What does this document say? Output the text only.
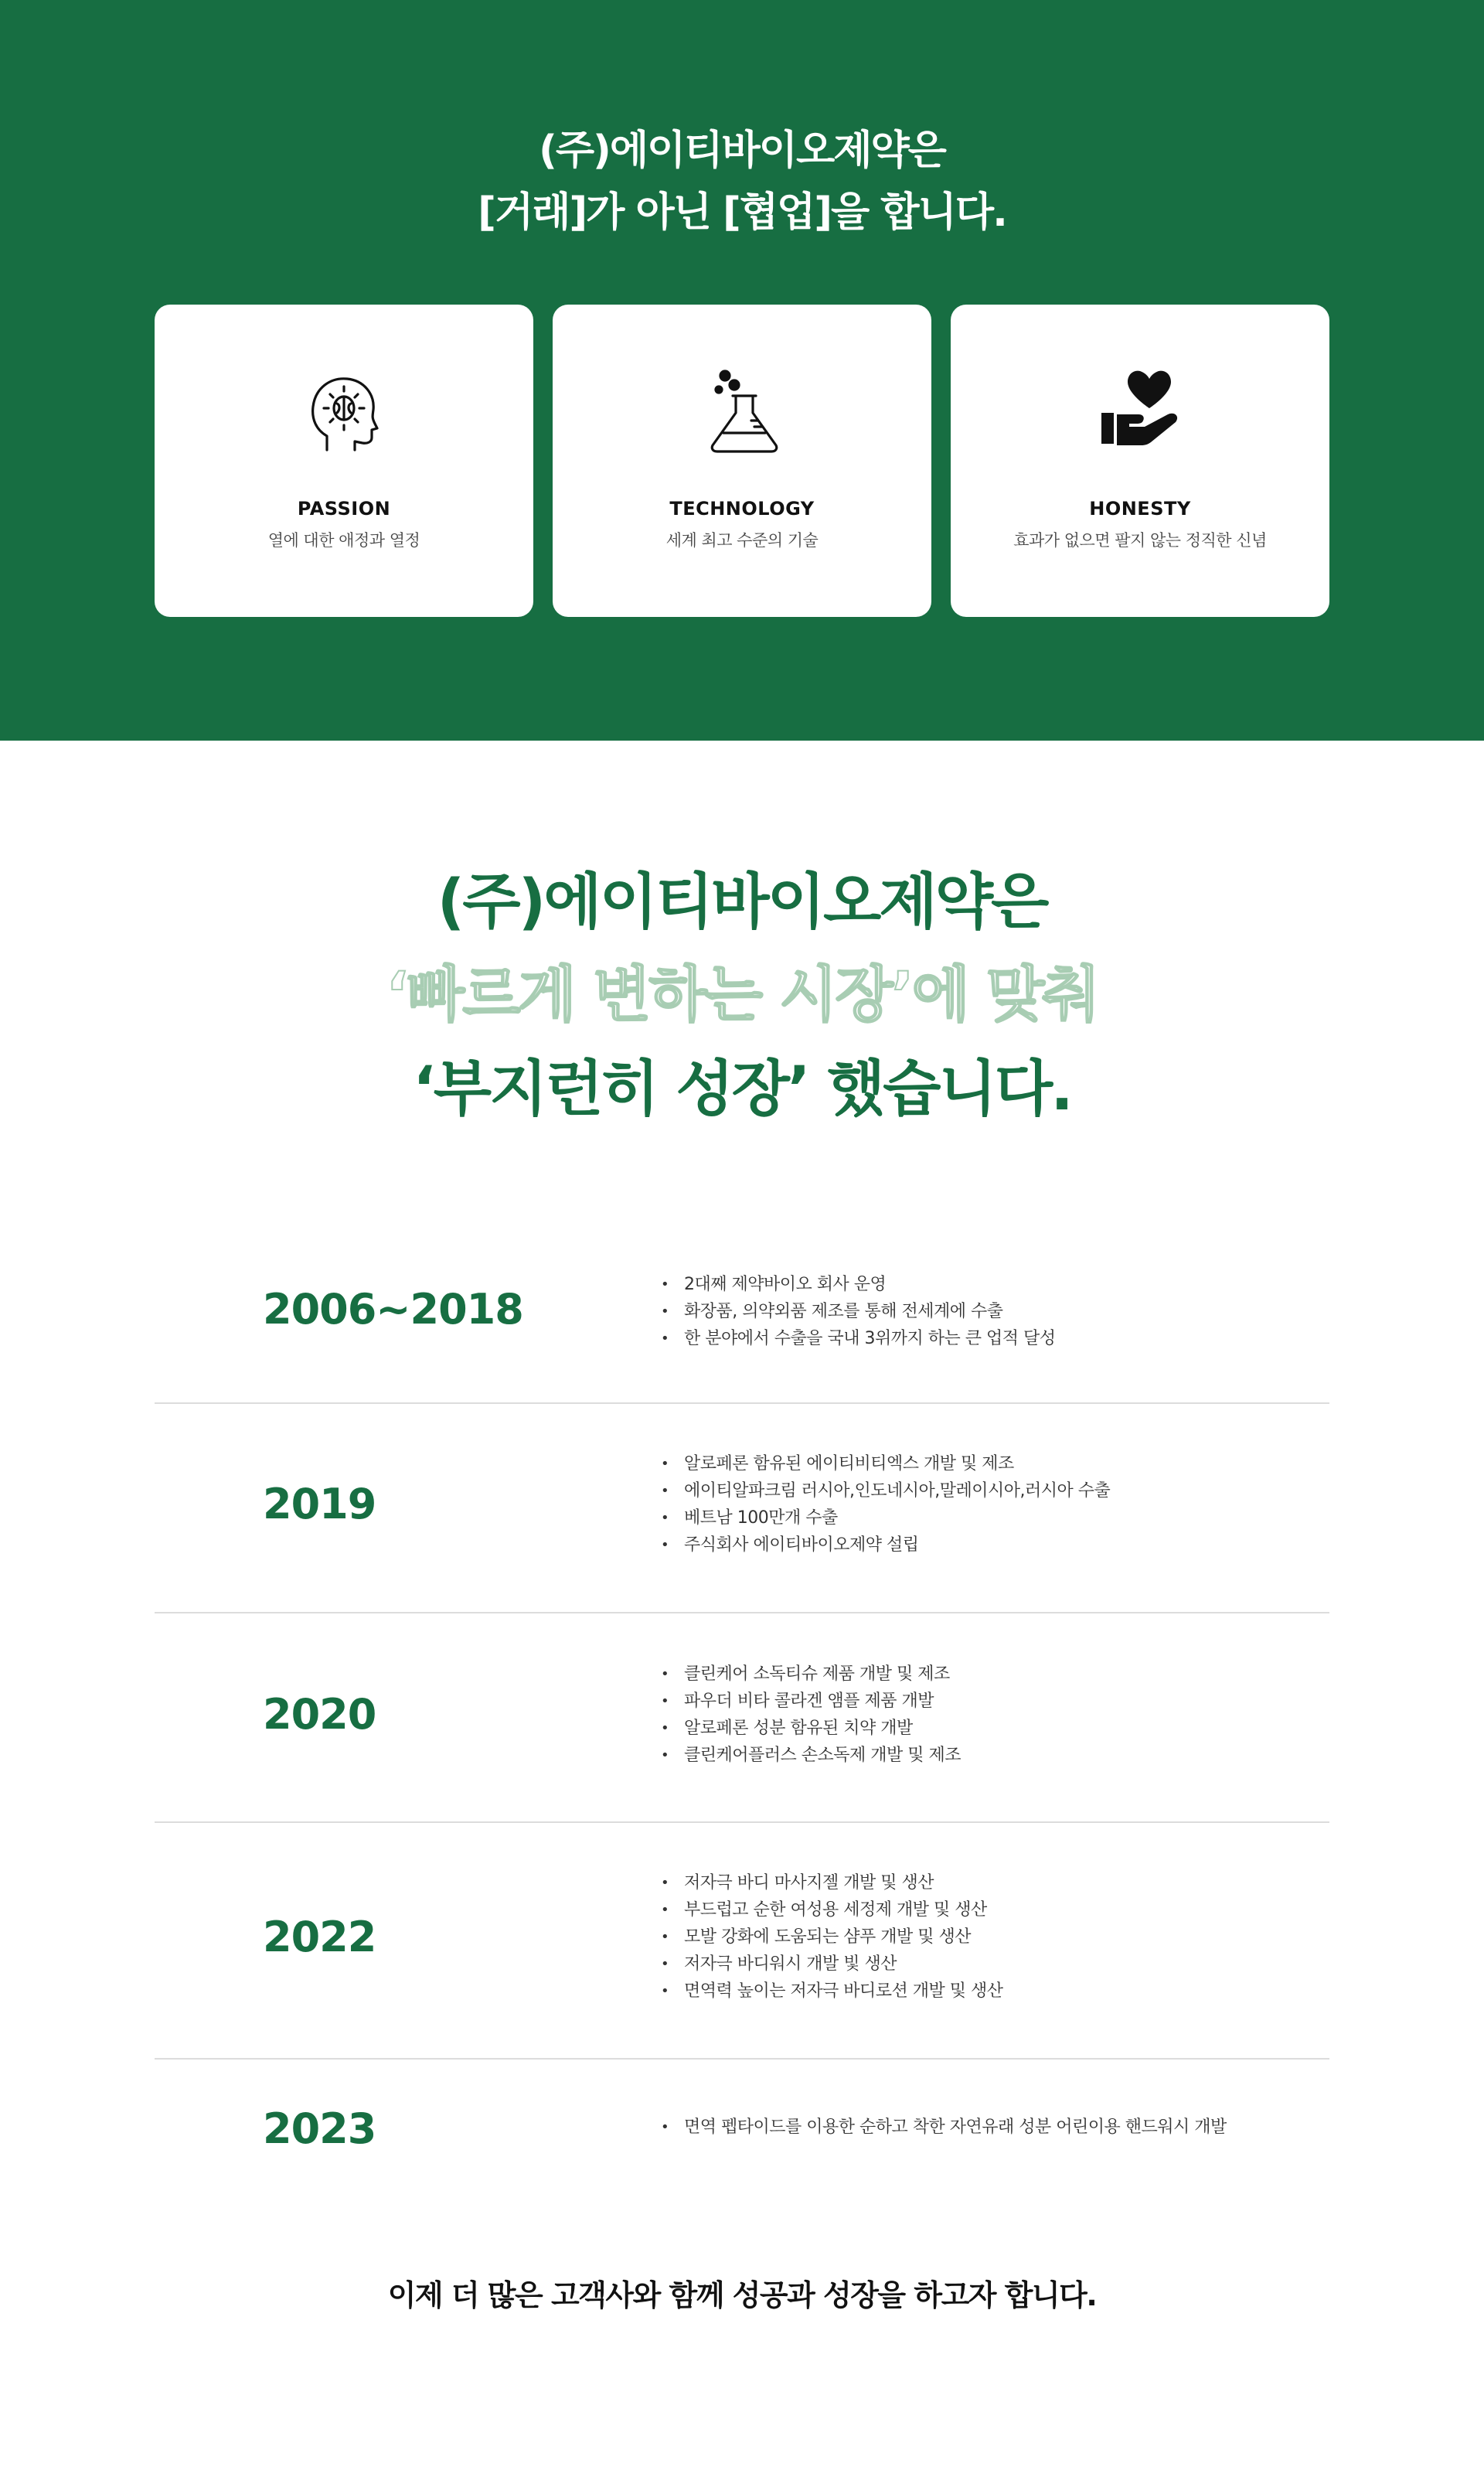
(주)에이티바이오제약은
[거래]가 아닌 [협업]을 합니다.
PASSION
열에 대한 애정과 열정
TECHNOLOGY
세계 최고 수준의 기술
HONESTY
효과가 없으면 팔지 않는 정직한 신념
(주)에이티바이오제약은
‘빠르게 변하는 시장’에 맞춰
‘부지런히 성장’ 했습니다.
2006~2018
• 2대째 제약바이오 회사 운영
• 화장품, 의약외품 제조를 통해 전세계에 수출
• 한 분야에서 수출을 국내 3위까지 하는 큰 업적 달성
2019
• 알로페론 함유된 에이티비티엑스 개발 및 제조
• 에이티알파크림 러시아,인도네시아,말레이시아,러시아 수출
• 베트남 100만개 수출
• 주식회사 에이티바이오제약 설립
2020
• 클린케어 소독티슈 제품 개발 및 제조
• 파우더 비타 콜라겐 앰플 제품 개발
• 알로페론 성분 함유된 치약 개발
• 클린케어플러스 손소독제 개발 및 제조
2022
• 저자극 바디 마사지젤 개발 및 생산
• 부드럽고 순한 여성용 세정제 개발 및 생산
• 모발 강화에 도움되는 샴푸 개발 및 생산
• 저자극 바디워시 개발 빛 생산
• 면역력 높이는 저자극 바디로션 개발 및 생산
2023
•	면역 펩타이드를 이용한 순하고 착한 자연유래 성분 어린이용 핸드워시 개발
이제 더 많은 고객사와 함께 성공과 성장을 하고자 합니다.
